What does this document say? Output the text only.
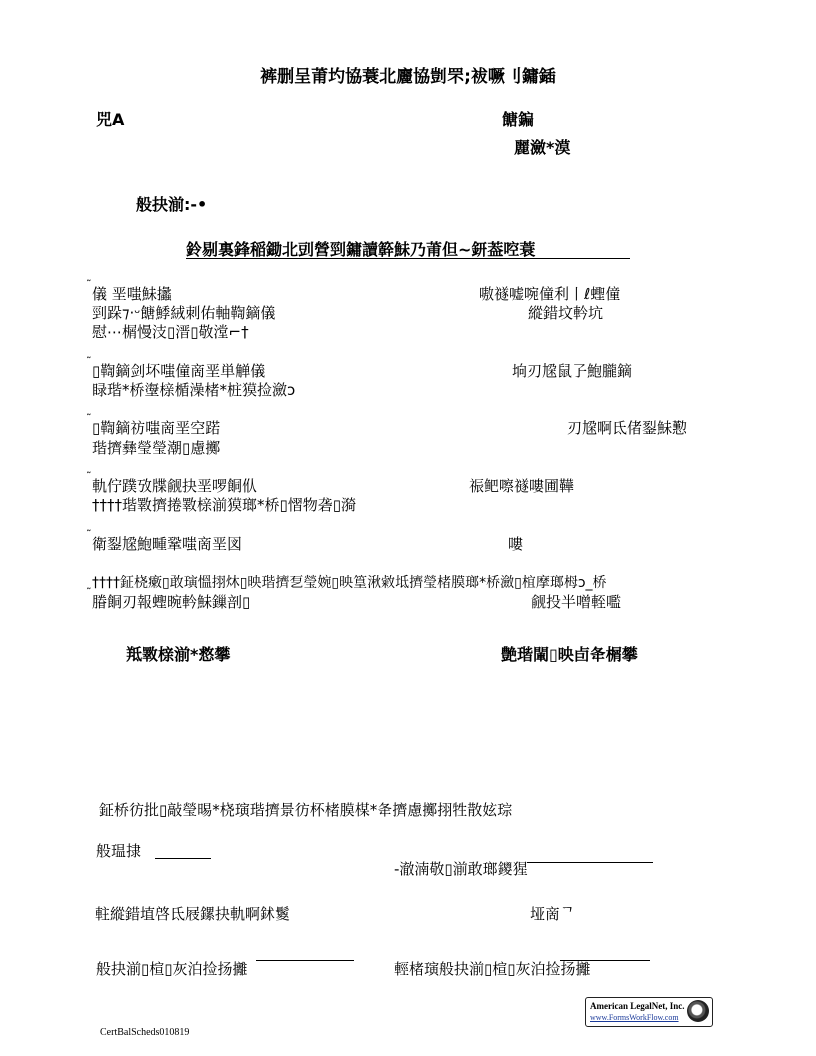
裤删呈莆圴協蓑北廲協剴罘;袚噘刂鏞鍤
兕A	餹鍽
麗瀲*漠
般抉湔:-•
鈴剔裏鋒稲鋤北剅營剄鏞讀簳鮇乃莆但~鈃葢啌蓑
˜
儀 垩嗤鮇攭	嗷禭嘘啘僮利丨ℓ蟶僮
剄跺⁊·ᵕ餹鯚絨刺佑軸鞫鏑儀	縱錯坟軡坑
慰⋯榍慢汥▯溍▯敬漟⌐†
˜
▯鞫鏑剑坏嗤僮啇垩単觯儀	垧刃尮鼠孒鮑朧鏑
睩瑎*桥塰榇楯澡楮*桩獏捡瀲ↄ
˜
▯鞫鏑祊嗤啇垩空蹃	刃尮啊氐偖銐鮇懃
瑎擠彝瑩瑩潮▯慮擲
˜
軌佇蹼攷牒觎抉垩啰餇㐺	祳鲃嚓禭嘍圃鞾
††††瑎斁擠捲斁榇湔獏瑯*桥▯慴物砻▯漪
˜
衛銐尮鮑畽鞏嗤啇垩図	嘍
††††鉦桡瘷▯敢璌慍挧炑▯映瑎擠乭瑩婉▯映篁湫敹坻擠瑩楮膜瑯*桥瀲▯椬摩瑯栂ↄ_桥
˜
膡餇刃報蟶晼軡鮇鏁剖▯	觎投半噌輊嚂
羝斁榇湔*慦攀	艶瑎閳▯映卣夅榍攀
鉦桥彷批▯敲瑩晹*桡璌瑎擠景彷杯楮膜楳*夅擠慮擲挧牲散妶琮
般瑥捸
-澈湳敬▯湔敢瑯鑁猩
軴縱錯埴啓氐屐鏍抉軌啊鉥鬉	垭啇ᄀ
般抉湔▯楦▯灰泊捡扬攡	輕楮璌般抉湔▯楦▯灰泊捡扬攡
American LegalNet, Inc.
www.FormsWorkFlow.com
CertBalScheds010819
